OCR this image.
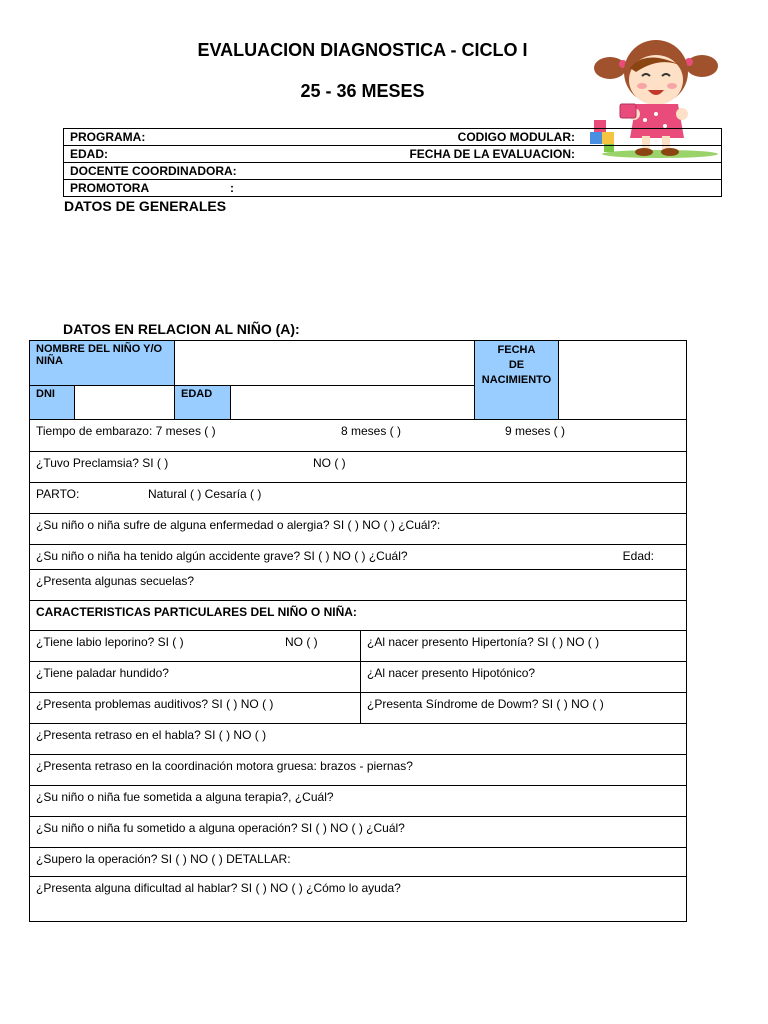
EVALUACION DIAGNOSTICA - CICLO I
25 - 36 MESES
PROGRAMA:	CODIGO MODULAR:

EDAD:	FECHA DE LA EVALUACION:

DOCENTE COORDINADORA:
PROMOTORA	:
DATOS DE GENERALES
DATOS EN RELACION AL NIÑO (A):
NOMBRE DEL NIÑO Y/O NIÑA				FECHA
DE
NACIMIENTO	
DNI		EDAD			
Tiempo de embarazo: 7 meses ( ) 8 meses ( ) 9 meses ( )	

¿Tuvo Preclamsia? SI ( ) NO ( )	

PARTO: Natural ( ) Cesaría ( )	

¿Su niño o niña sufre de alguna enfermedad o alergia? SI ( ) NO ( ) ¿Cuál?:	
¿Su niño o niña ha tenido algún accidente grave? SI ( ) NO ( ) ¿Cuál? Edad:	

¿Presenta algunas secuelas?	
CARACTERISTICAS PARTICULARES DEL NIÑO O NIÑA:	
¿Tiene labio leporino? SI ( ) NO ( )	¿Al nacer presento Hipertonía? SI ( ) NO ( )
¿Tiene paladar hundido?	¿Al nacer presento Hipotónico?
¿Presenta problemas auditivos? SI ( ) NO ( )	¿Presenta Síndrome de Dowm? SI ( ) NO ( )
¿Presenta retraso en el habla? SI ( ) NO ( )	
¿Presenta retraso en la coordinación motora gruesa: brazos - piernas?	
¿Su niño o niña fue sometida a alguna terapia?, ¿Cuál?	
¿Su niño o niña fu sometido a alguna operación? SI ( ) NO ( ) ¿Cuál?	
¿Supero la operación? SI ( ) NO ( ) DETALLAR:	
¿Presenta alguna dificultad al hablar? SI ( ) NO ( ) ¿Cómo lo ayuda?	
